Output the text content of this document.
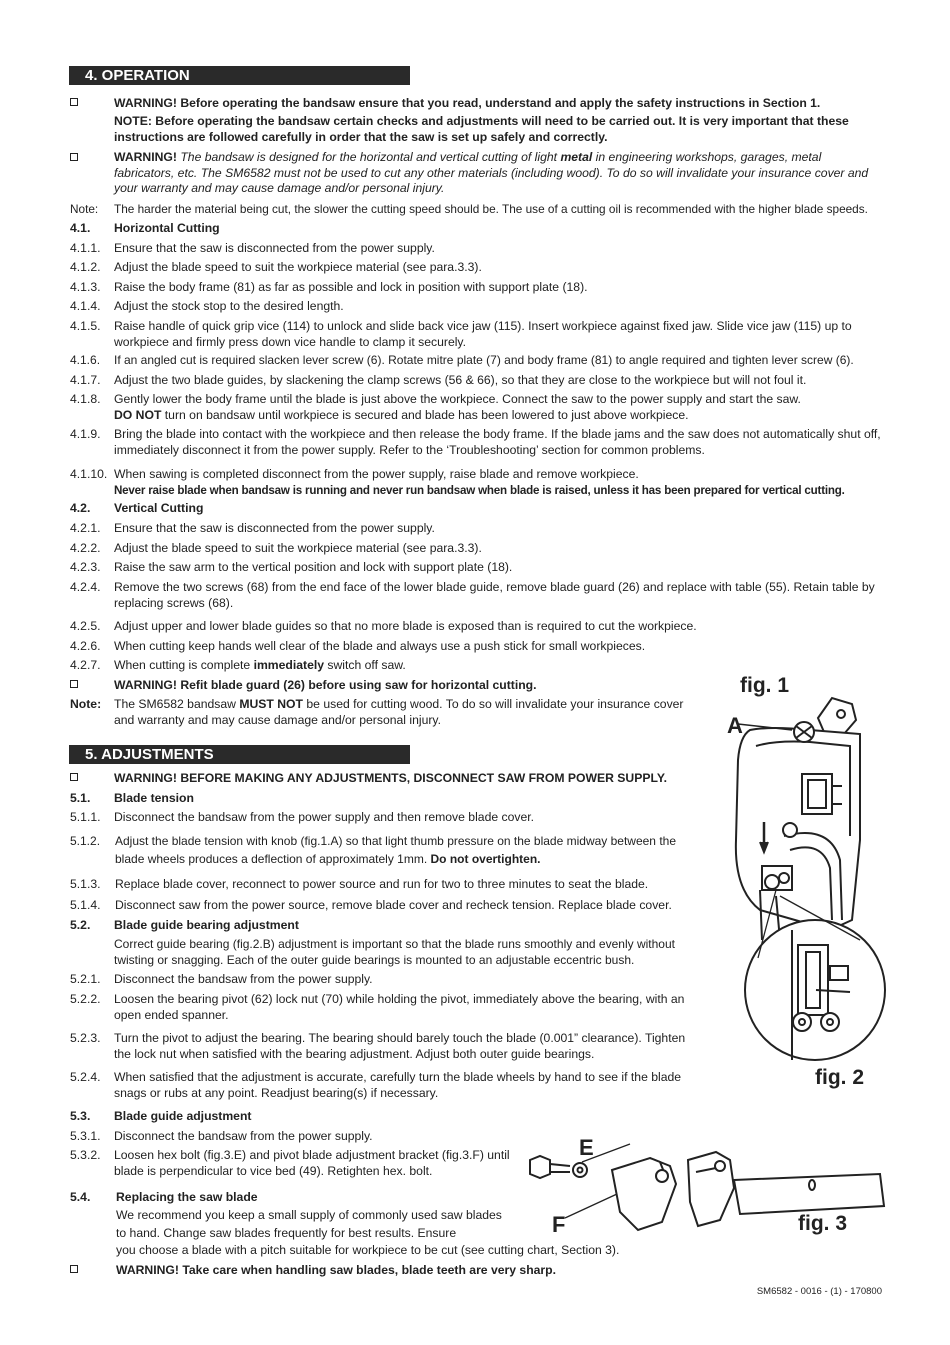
4. OPERATION
WARNING! Before operating the bandsaw ensure that you read, understand and apply the safety instructions in Section 1.
NOTE: Before operating the bandsaw certain checks and adjustments will need to be carried out. It is very important that these instructions are followed carefully in order that the saw is set up safely and correctly.
WARNING! The bandsaw is designed for the horizontal and vertical cutting of light metal in engineering workshops, garages, metal fabricators, etc. The SM6582 must not be used to cut any other materials (including wood). To do so will invalidate your insurance cover and your warranty and may cause damage and/or personal injury.
Note: The harder the material being cut, the slower the cutting speed should be. The use of a cutting oil is recommended with the higher blade speeds.
4.1. Horizontal Cutting
4.1.1. Ensure that the saw is disconnected from the power supply.
4.1.2. Adjust the blade speed to suit the workpiece material (see para.3.3).
4.1.3. Raise the body frame (81) as far as possible and lock in position with support plate (18).
4.1.4. Adjust the stock stop to the desired length.
4.1.5. Raise handle of quick grip vice (114) to unlock and slide back vice jaw (115). Insert workpiece against fixed jaw. Slide vice jaw (115) up to workpiece and firmly press down vice handle to clamp it securely.
4.1.6. If an angled cut is required slacken lever screw (6). Rotate mitre plate (7) and body frame (81) to angle required and tighten lever screw (6).
4.1.7. Adjust the two blade guides, by slackening the clamp screws (56 & 66), so that they are close to the workpiece but will not foul it.
4.1.8. Gently lower the body frame until the blade is just above the workpiece. Connect the saw to the power supply and start the saw.
DO NOT turn on bandsaw until workpiece is secured and blade has been lowered to just above workpiece.
4.1.9. Bring the blade into contact with the workpiece and then release the body frame. If the blade jams and the saw does not automatically shut off, immediately disconnect it from the power supply. Refer to the ‘Troubleshooting’ section for common problems.
4.1.10. When sawing is completed disconnect from the power supply, raise blade and remove workpiece.
Never raise blade when bandsaw is running and never run bandsaw when blade is raised, unless it has been prepared for vertical cutting.
4.2. Vertical Cutting
4.2.1. Ensure that the saw is disconnected from the power supply.
4.2.2. Adjust the blade speed to suit the workpiece material (see para.3.3).
4.2.3. Raise the saw arm to the vertical position and lock with support plate (18).
4.2.4. Remove the two screws (68) from the end face of the lower blade guide, remove blade guard (26) and replace with table (55). Retain table by replacing screws (68).
4.2.5. Adjust upper and lower blade guides so that no more blade is exposed than is required to cut the workpiece.
4.2.6. When cutting keep hands well clear of the blade and always use a push stick for small workpieces.
4.2.7. When cutting is complete immediately switch off saw.
WARNING! Refit blade guard (26) before using saw for horizontal cutting.
Note: The SM6582 bandsaw MUST NOT be used for cutting wood. To do so will invalidate your insurance cover and warranty and may cause damage and/or personal injury.
5. ADJUSTMENTS
WARNING! BEFORE MAKING ANY ADJUSTMENTS, DISCONNECT SAW FROM POWER SUPPLY.
5.1. Blade tension
5.1.1. Disconnect the bandsaw from the power supply and then remove blade cover.
5.1.2. Adjust the blade tension with knob (fig.1.A) so that light thumb pressure on the blade midway between the blade wheels produces a deflection of approximately 1mm. Do not overtighten.
5.1.3. Replace blade cover, reconnect to power source and run for two to three minutes to seat the blade.
5.1.4. Disconnect saw from the power source, remove blade cover and recheck tension. Replace blade cover.
5.2. Blade guide bearing adjustment
Correct guide bearing (fig.2.B) adjustment is important so that the blade runs smoothly and evenly without twisting or snagging. Each of the outer guide bearings is mounted to an adjustable eccentric bush.
5.2.1. Disconnect the bandsaw from the power supply.
5.2.2. Loosen the bearing pivot (62) lock nut (70) while holding the pivot, immediately above the bearing, with an open ended spanner.
5.2.3. Turn the pivot to adjust the bearing. The bearing should barely touch the blade (0.001” clearance). Tighten the lock nut when satisfied with the bearing adjustment. Adjust both outer guide bearings.
5.2.4. When satisfied that the adjustment is accurate, carefully turn the blade wheels by hand to see if the blade snags or rubs at any point. Readjust bearing(s) if necessary.
5.3. Blade guide adjustment
5.3.1. Disconnect the bandsaw from the power supply.
5.3.2. Loosen hex bolt (fig.3.E) and pivot blade adjustment bracket (fig.3.F) until blade is perpendicular to vice bed (49). Retighten hex. bolt.
5.4. Replacing the saw blade
We recommend you keep a small supply of commonly used saw blades to hand. Change saw blades frequently for best results. Ensure
you choose a blade with a pitch suitable for workpiece to be cut (see cutting chart, Section 3).
WARNING! Take care when handling saw blades, blade teeth are very sharp.
SM6582 - 0016 - (1) - 170800
fig. 1
A
fig. 2
E
F	fig. 3
